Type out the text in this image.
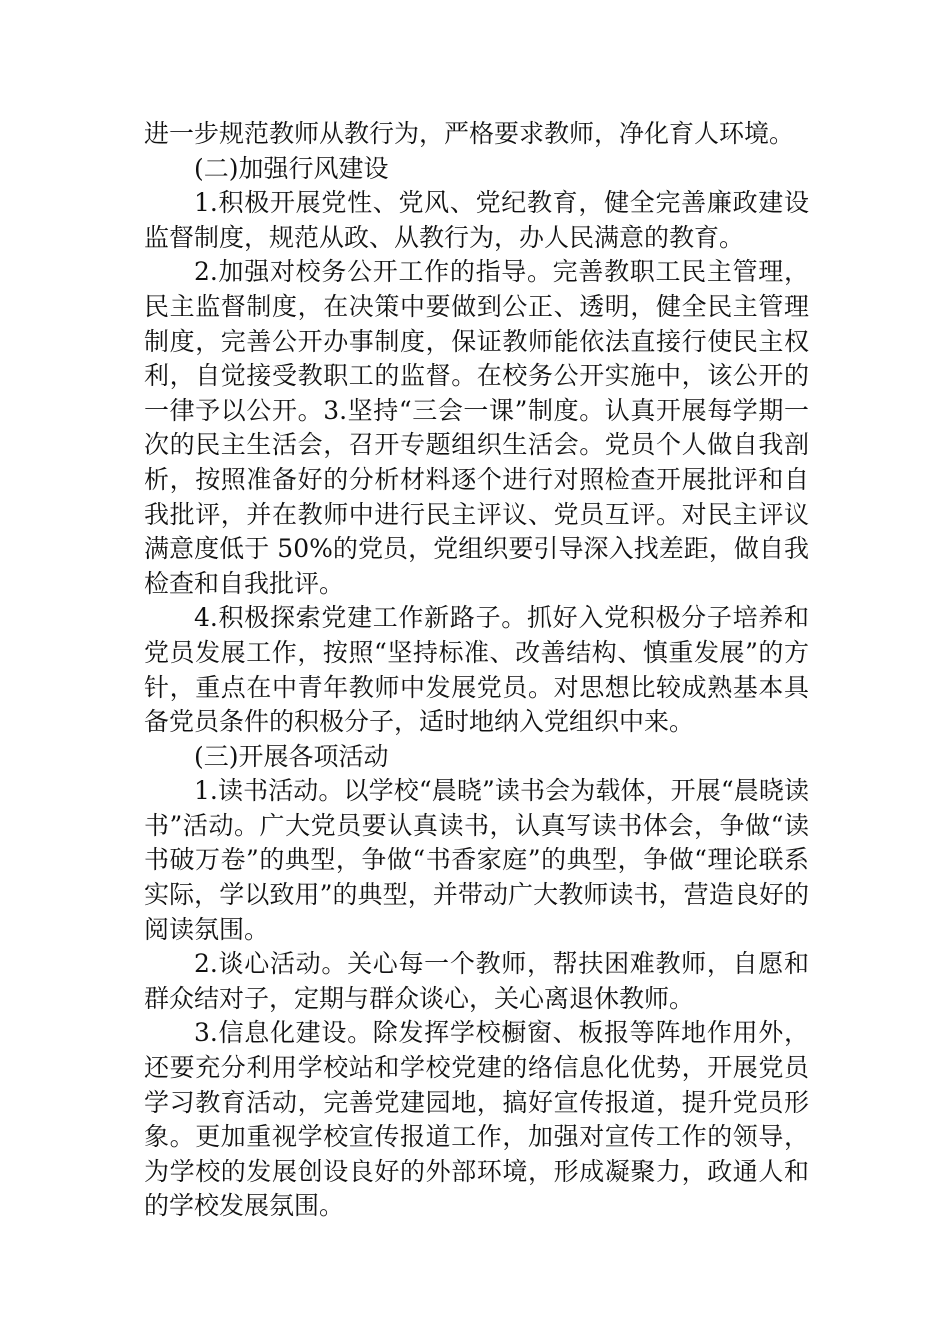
进一步规范教师从教行为，严格要求教师，净化育人环境。

(二)加强行风建设

1.积极开展党性、党风、党纪教育，健全完善廉政建设监督制度，规范从政、从教行为，办人民满意的教育。

2.加强对校务公开工作的指导。完善教职工民主管理，民主监督制度，在决策中要做到公正、透明，健全民主管理制度，完善公开办事制度，保证教师能依法直接行使民主权利，自觉接受教职工的监督。在校务公开实施中，该公开的一律予以公开。3.坚持“三会一课”制度。认真开展每学期一次的民主生活会，召开专题组织生活会。党员个人做自我剖析，按照准备好的分析材料逐个进行对照检查开展批评和自我批评，并在教师中进行民主评议、党员互评。对民主评议满意度低于 50%的党员，党组织要引导深入找差距，做自我检查和自我批评。

4.积极探索党建工作新路子。抓好入党积极分子培养和党员发展工作，按照“坚持标准、改善结构、慎重发展”的方针，重点在中青年教师中发展党员。对思想比较成熟基本具备党员条件的积极分子，适时地纳入党组织中来。

(三)开展各项活动

1.读书活动。以学校“晨晓”读书会为载体，开展“晨晓读书”活动。广大党员要认真读书，认真写读书体会，争做“读书破万卷”的典型，争做“书香家庭”的典型，争做“理论联系实际，学以致用”的典型，并带动广大教师读书，营造良好的阅读氛围。

2.谈心活动。关心每一个教师，帮扶困难教师，自愿和群众结对子，定期与群众谈心，关心离退休教师。

3.信息化建设。除发挥学校橱窗、板报等阵地作用外，还要充分利用学校站和学校党建的络信息化优势，开展党员学习教育活动，完善党建园地，搞好宣传报道，提升党员形象。更加重视学校宣传报道工作，加强对宣传工作的领导，为学校的发展创设良好的外部环境，形成凝聚力，政通人和的学校发展氛围。
